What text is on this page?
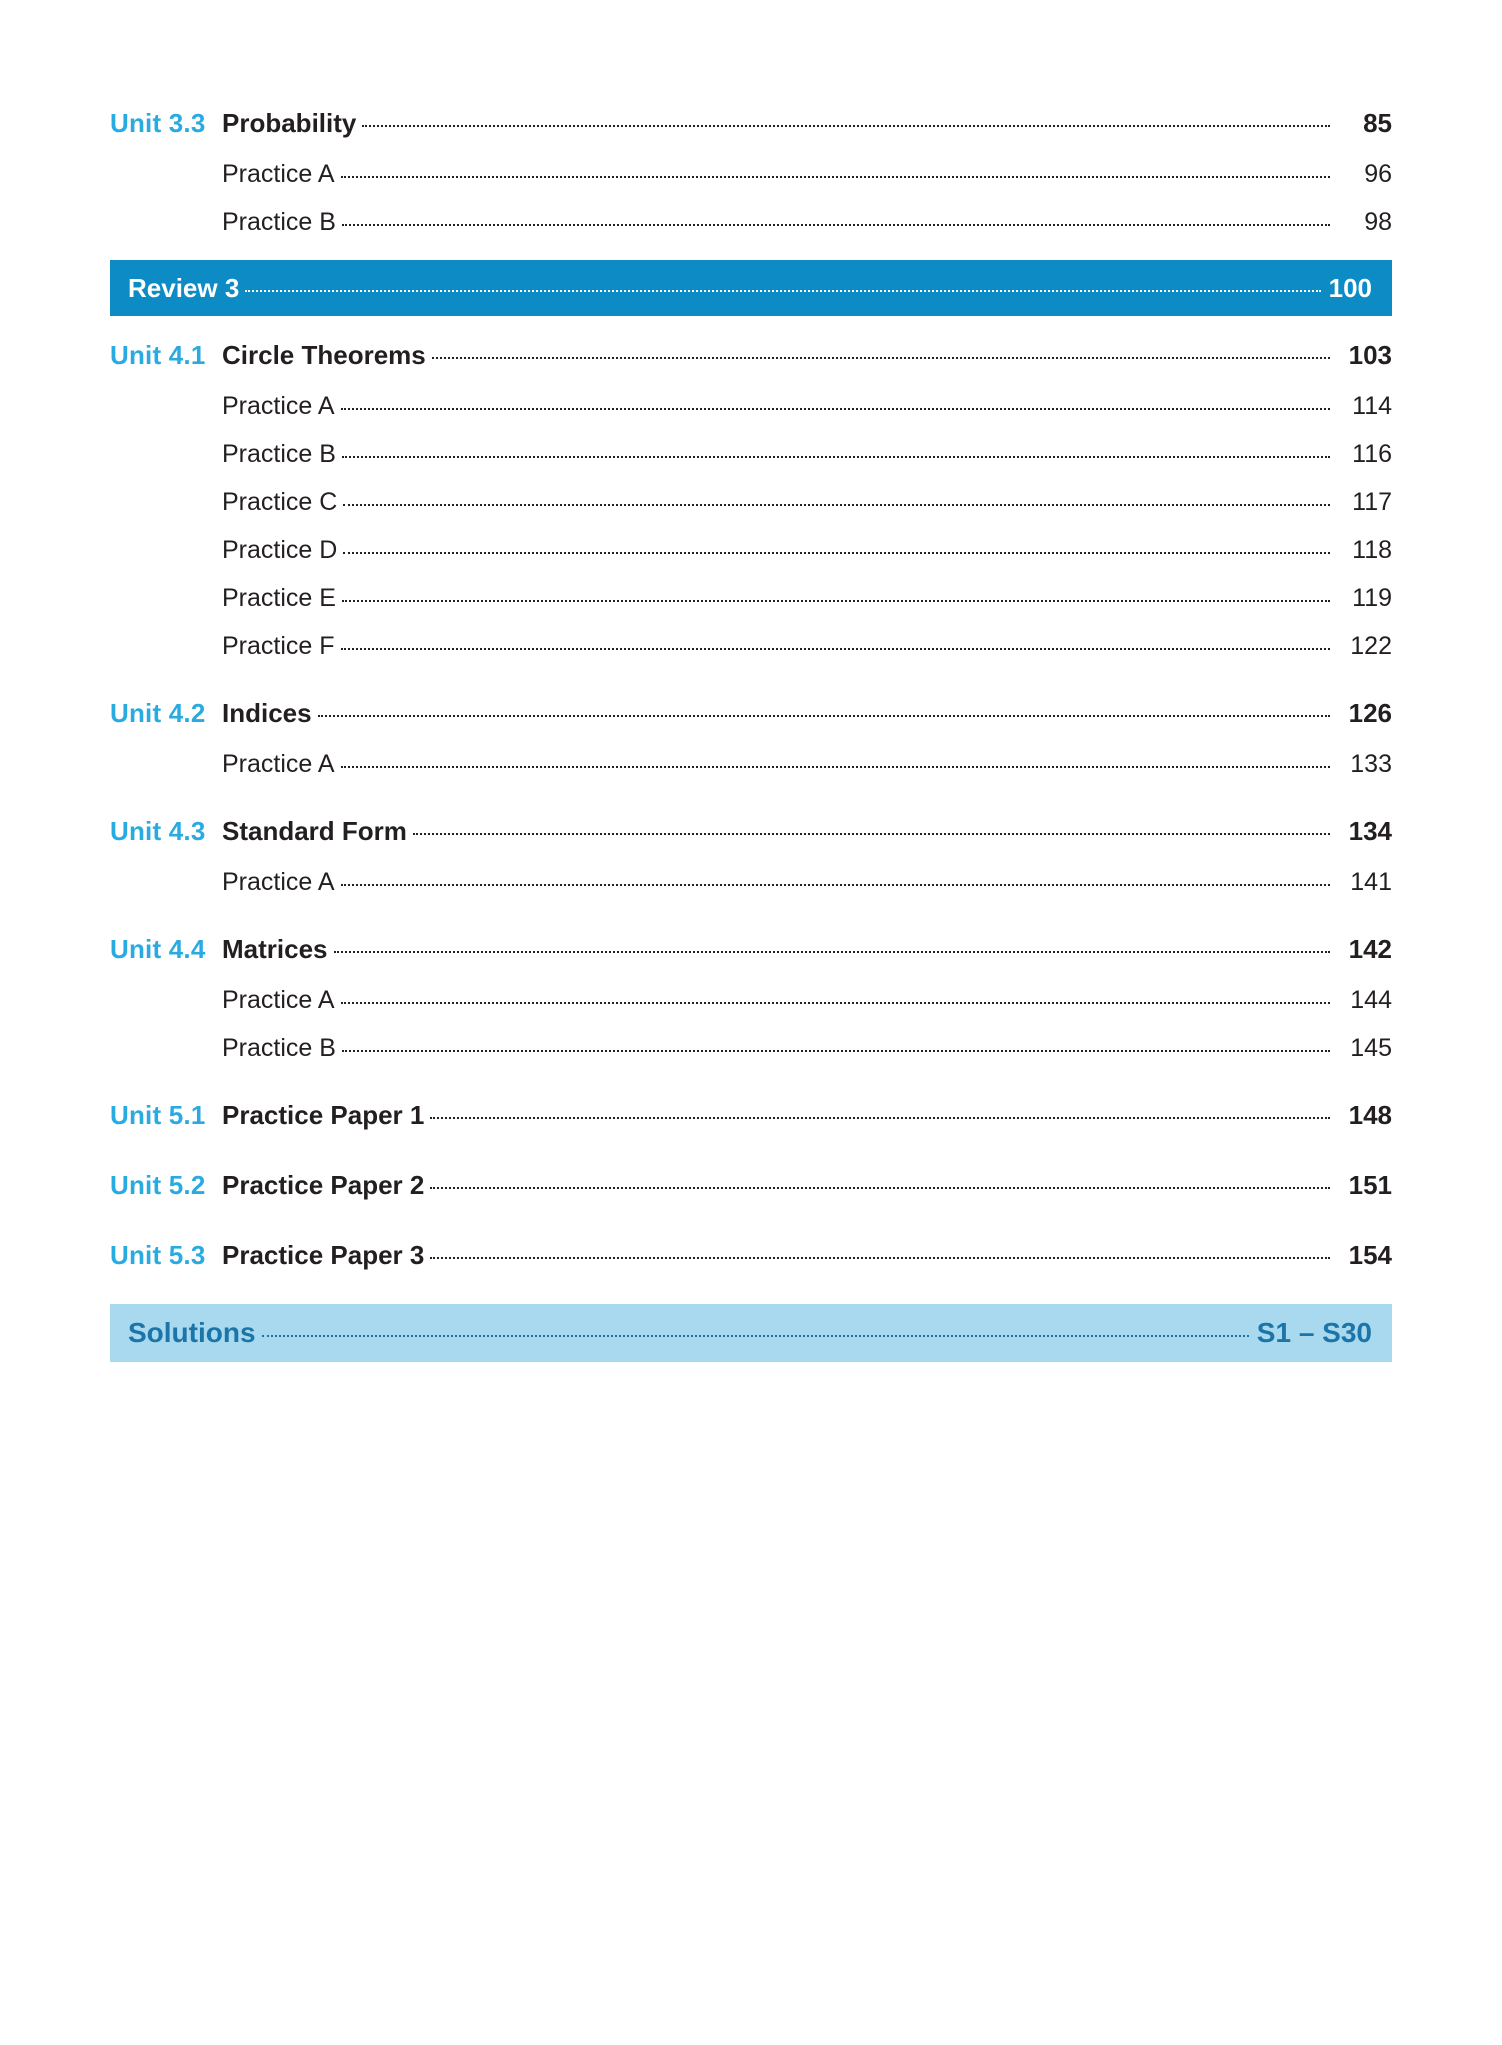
Unit 3.3 Probability	85
Practice A	96
Practice B	98
Review 3	100
Unit 4.1 Circle Theorems	103
Practice A	114
Practice B	116
Practice C	117
Practice D	118
Practice E	119
Practice F	122
Unit 4.2 Indices	126
Practice A	133
Unit 4.3 Standard Form	134
Practice A	141
Unit 4.4 Matrices	142
Practice A	144
Practice B	145
Unit 5.1 Practice Paper 1	148
Unit 5.2 Practice Paper 2	151
Unit 5.3 Practice Paper 3	154
Solutions	S1 – S30
